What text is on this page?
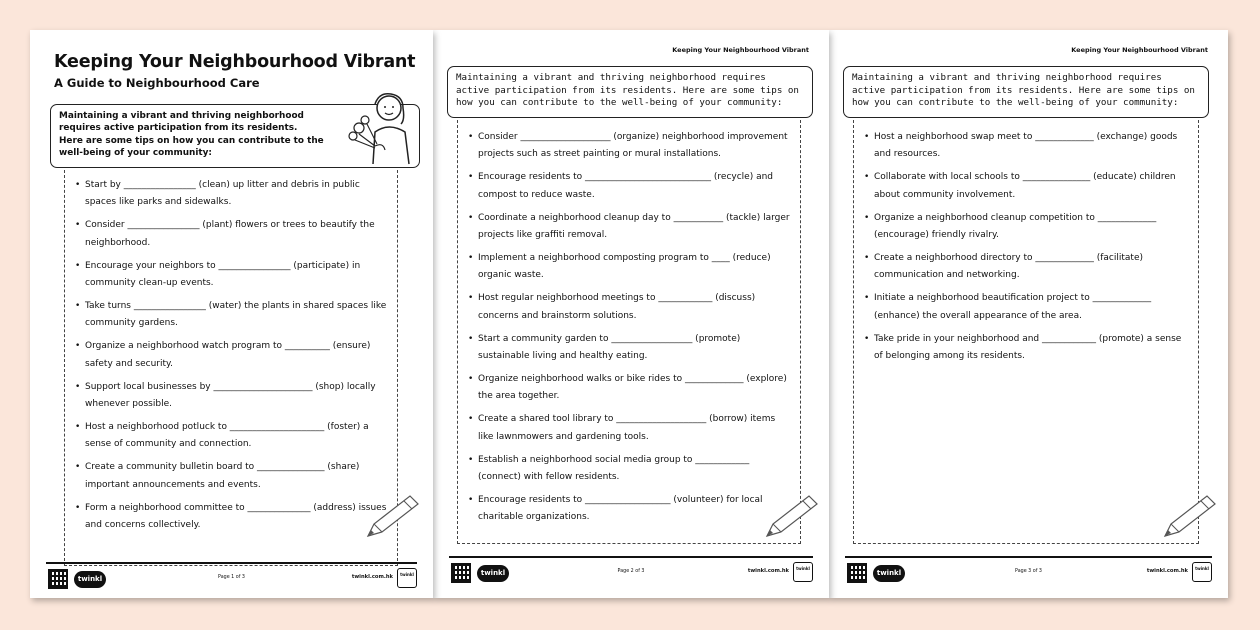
Keeping Your Neighbourhood Vibrant
A Guide to Neighbourhood Care
Maintaining a vibrant and thriving neighborhood requires active participation from its residents. Here are some tips on how you can contribute to the well-being of your community:
• Start by ________________ (clean) up litter and debris in public spaces like parks and sidewalks.
• Consider ________________ (plant) flowers or trees to beautify the neighborhood.
• Encourage your neighbors to ________________ (participate) in community clean-up events.
• Take turns ________________ (water) the plants in shared spaces like community gardens.
• Organize a neighborhood watch program to __________ (ensure) safety and security.
• Support local businesses by ______________________ (shop) locally whenever possible.
• Host a neighborhood potluck to _____________________ (foster) a sense of community and connection.
• Create a community bulletin board to _______________ (share) important announcements and events.
• Form a neighborhood committee to ______________ (address) issues and concerns collectively.
twinkl	Page 1 of 3	twinkl.com.hk	twinkl
Keeping Your Neighbourhood Vibrant
Maintaining a vibrant and thriving neighborhood requires active participation from its residents. Here are some tips on how you can contribute to the well-being of your community:
• Consider ____________________ (organize) neighborhood improvement projects such as street painting or mural installations.
• Encourage residents to ____________________________ (recycle) and compost to reduce waste.
• Coordinate a neighborhood cleanup day to ___________ (tackle) larger projects like graffiti removal.
• Implement a neighborhood composting program to ____ (reduce) organic waste.
• Host regular neighborhood meetings to ____________ (discuss) concerns and brainstorm solutions.
• Start a community garden to __________________ (promote) sustainable living and healthy eating.
• Organize neighborhood walks or bike rides to _____________ (explore) the area together.
• Create a shared tool library to ____________________ (borrow) items like lawnmowers and gardening tools.
• Establish a neighborhood social media group to ____________ (connect) with fellow residents.
• Encourage residents to ___________________ (volunteer) for local charitable organizations.
twinkl	Page 2 of 3	twinkl.com.hk	twinkl
Keeping Your Neighbourhood Vibrant
Maintaining a vibrant and thriving neighborhood requires active participation from its residents. Here are some tips on how you can contribute to the well-being of your community:
• Host a neighborhood swap meet to _____________ (exchange) goods and resources.
• Collaborate with local schools to _______________ (educate) children about community involvement.
• Organize a neighborhood cleanup competition to _____________ (encourage) friendly rivalry.
• Create a neighborhood directory to _____________ (facilitate) communication and networking.
• Initiate a neighborhood beautification project to _____________ (enhance) the overall appearance of the area.
• Take pride in your neighborhood and ____________ (promote) a sense of belonging among its residents.
twinkl	Page 3 of 3	twinkl.com.hk	twinkl
